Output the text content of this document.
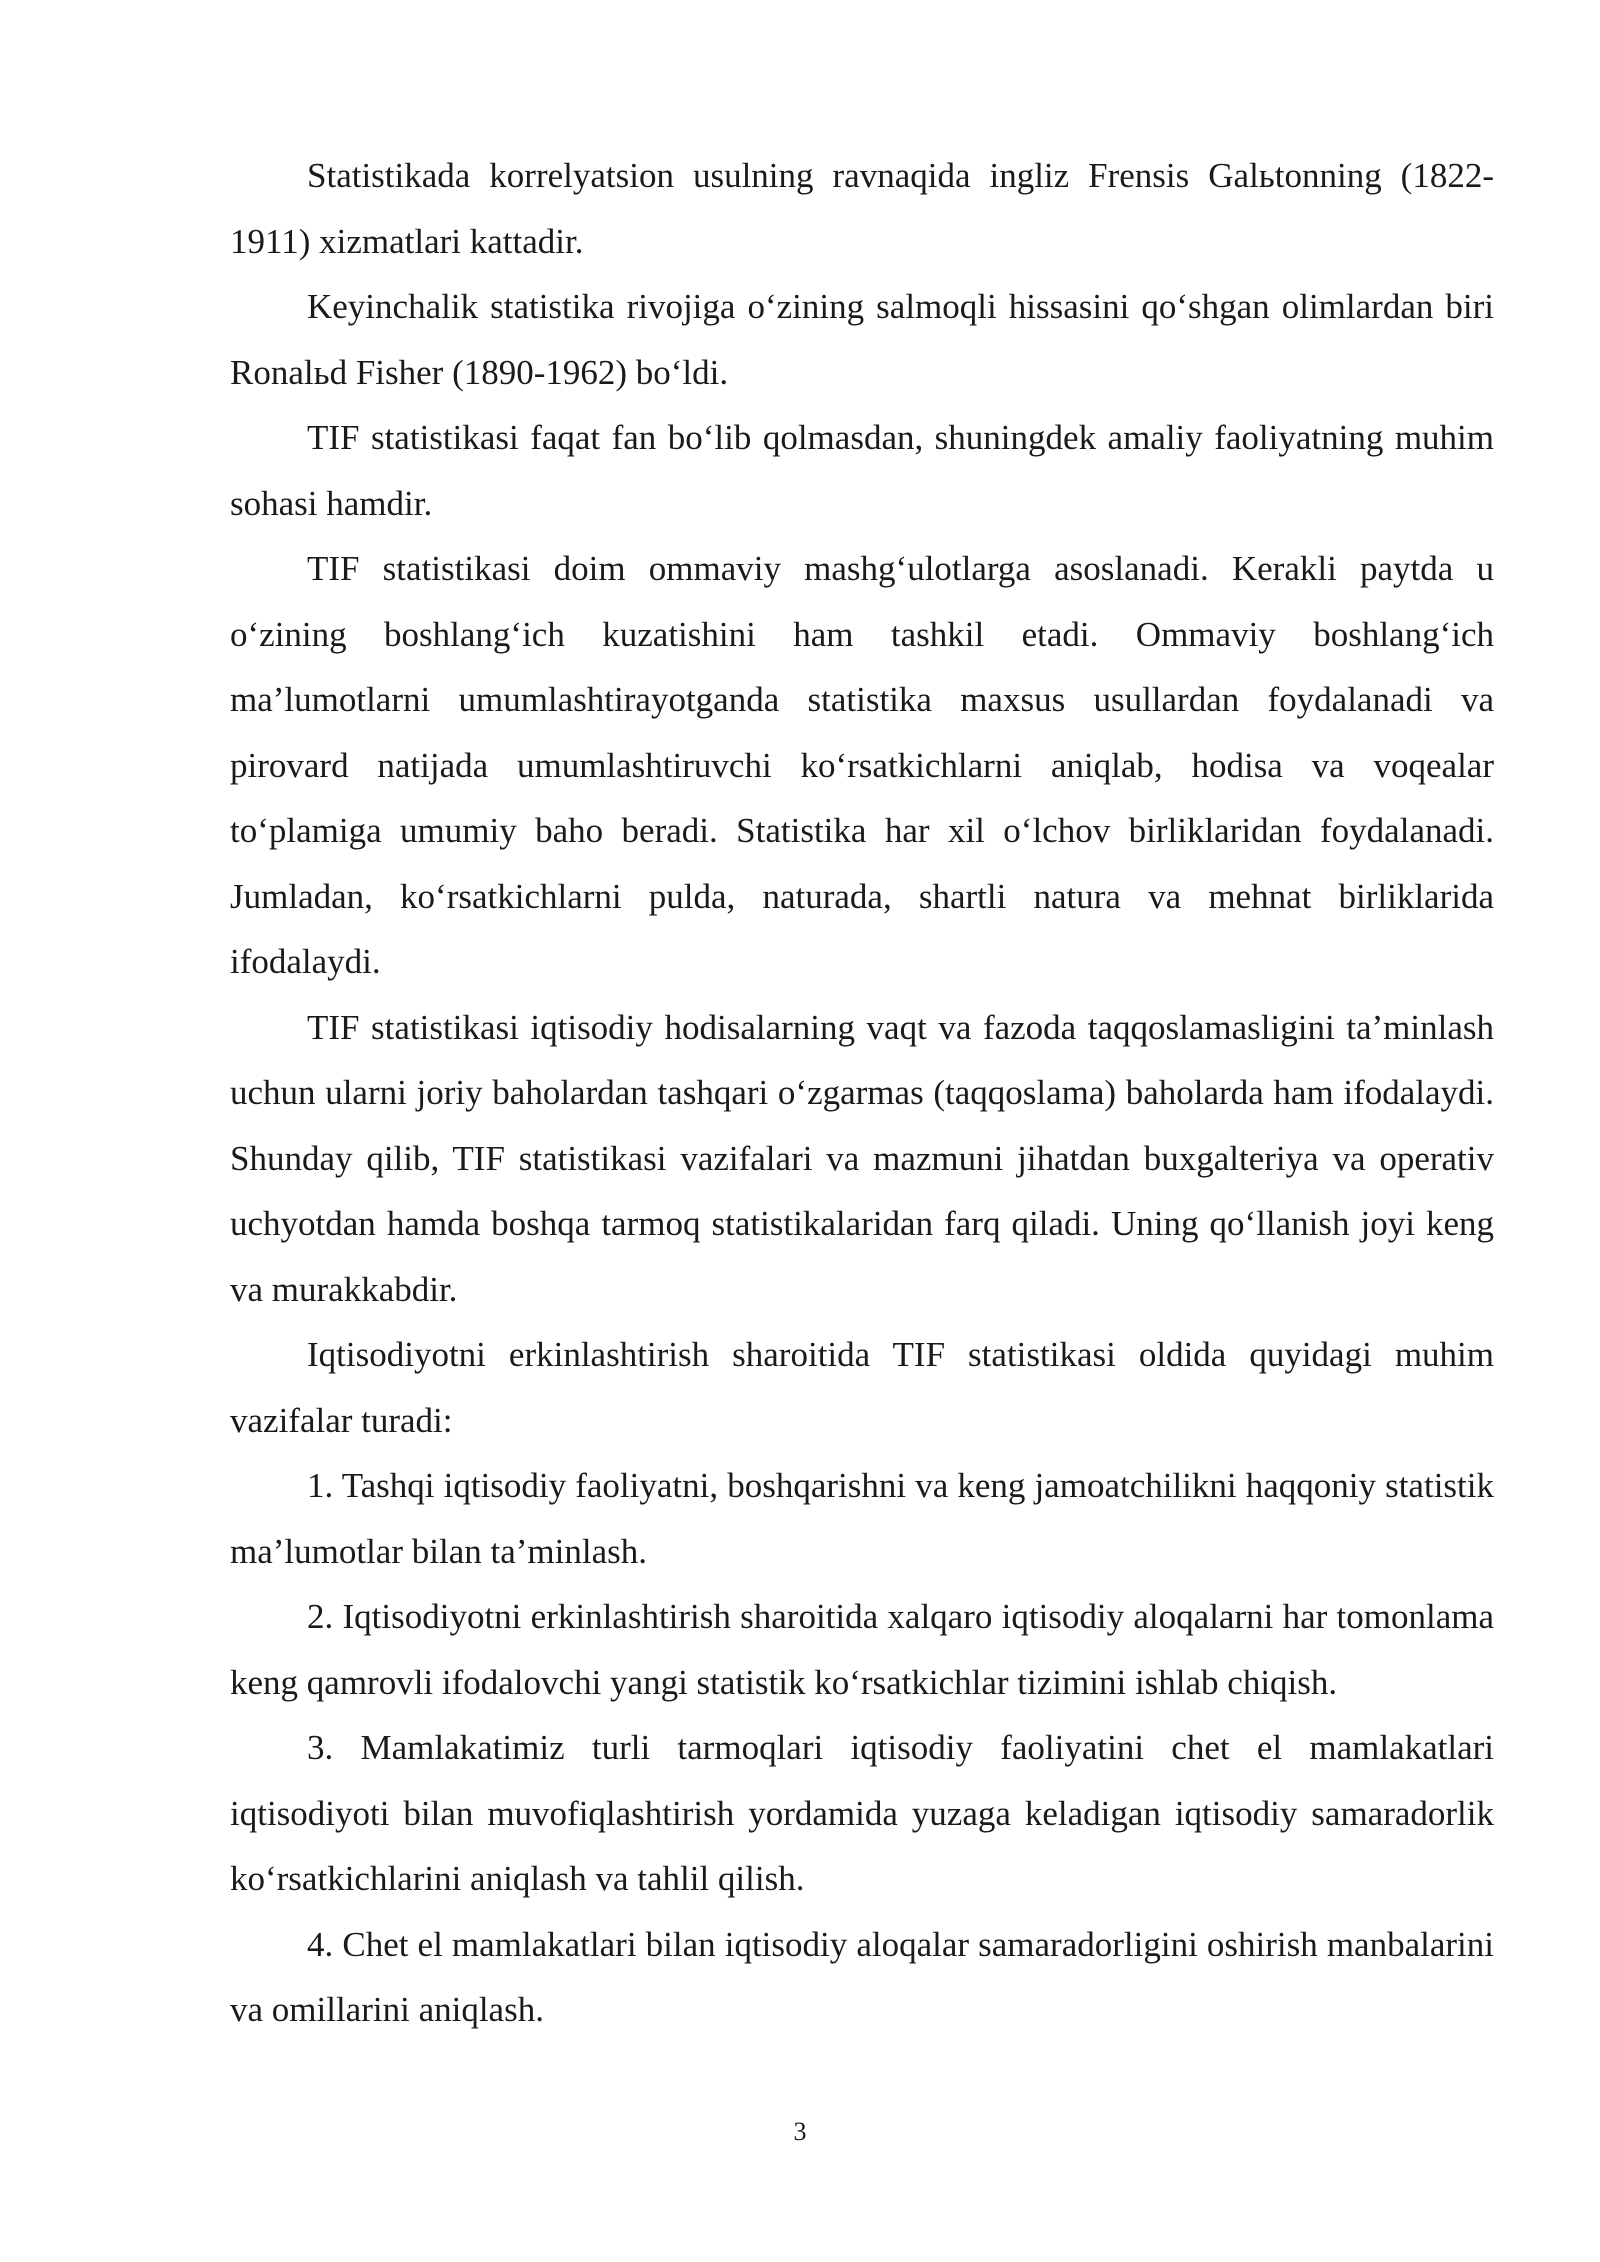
Statistikada korrelyatsion usulning ravnaqida ingliz Frensis Galьtonning (1822-1911) xizmatlari kattadir.

Keyinchalik statistika rivojiga o‘zining salmoqli hissasini qo‘shgan olimlardan biri Ronalьd Fisher (1890-1962) bo‘ldi.

TIF statistikasi faqat fan bo‘lib qolmasdan, shuningdek amaliy faoliyatning muhim sohasi hamdir.

TIF statistikasi doim ommaviy mashg‘ulotlarga asoslanadi. Kerakli paytda u o‘zining boshlang‘ich kuzatishini ham tashkil etadi. Ommaviy boshlang‘ich ma’lumotlarni umumlashtirayotganda statistika maxsus usullardan foydalanadi va pirovard natijada umumlashtiruvchi ko‘rsatkichlarni aniqlab, hodisa va voqealar to‘plamiga umumiy baho beradi. Statistika har xil o‘lchov birliklaridan foydalanadi. Jumladan, ko‘rsatkichlarni pulda, naturada, shartli natura va mehnat birliklarida ifodalaydi.

TIF statistikasi iqtisodiy hodisalarning vaqt va fazoda taqqoslamasligini ta’minlash uchun ularni joriy baholardan tashqari o‘zgarmas (taqqoslama) baholarda ham ifodalaydi. Shunday qilib, TIF statistikasi vazifalari va mazmuni jihatdan buxgalteriya va operativ uchyotdan hamda boshqa tarmoq statistikalaridan farq qiladi. Uning qo‘llanish joyi keng va murakkabdir.

Iqtisodiyotni erkinlashtirish sharoitida TIF statistikasi oldida quyidagi muhim vazifalar turadi:

1. Tashqi iqtisodiy faoliyatni, boshqarishni va keng jamoatchilikni haqqoniy statistik ma’lumotlar bilan ta’minlash.

2. Iqtisodiyotni erkinlashtirish sharoitida xalqaro iqtisodiy aloqalarni har tomonlama keng qamrovli ifodalovchi yangi statistik ko‘rsatkichlar tizimini ishlab chiqish.

3. Mamlakatimiz turli tarmoqlari iqtisodiy faoliyatini chet el mamlakatlari iqtisodiyoti bilan muvofiqlashtirish yordamida yuzaga keladigan iqtisodiy samaradorlik ko‘rsatkichlarini aniqlash va tahlil qilish.

4. Chet el mamlakatlari bilan iqtisodiy aloqalar samaradorligini oshirish manbalarini va omillarini aniqlash.

3
